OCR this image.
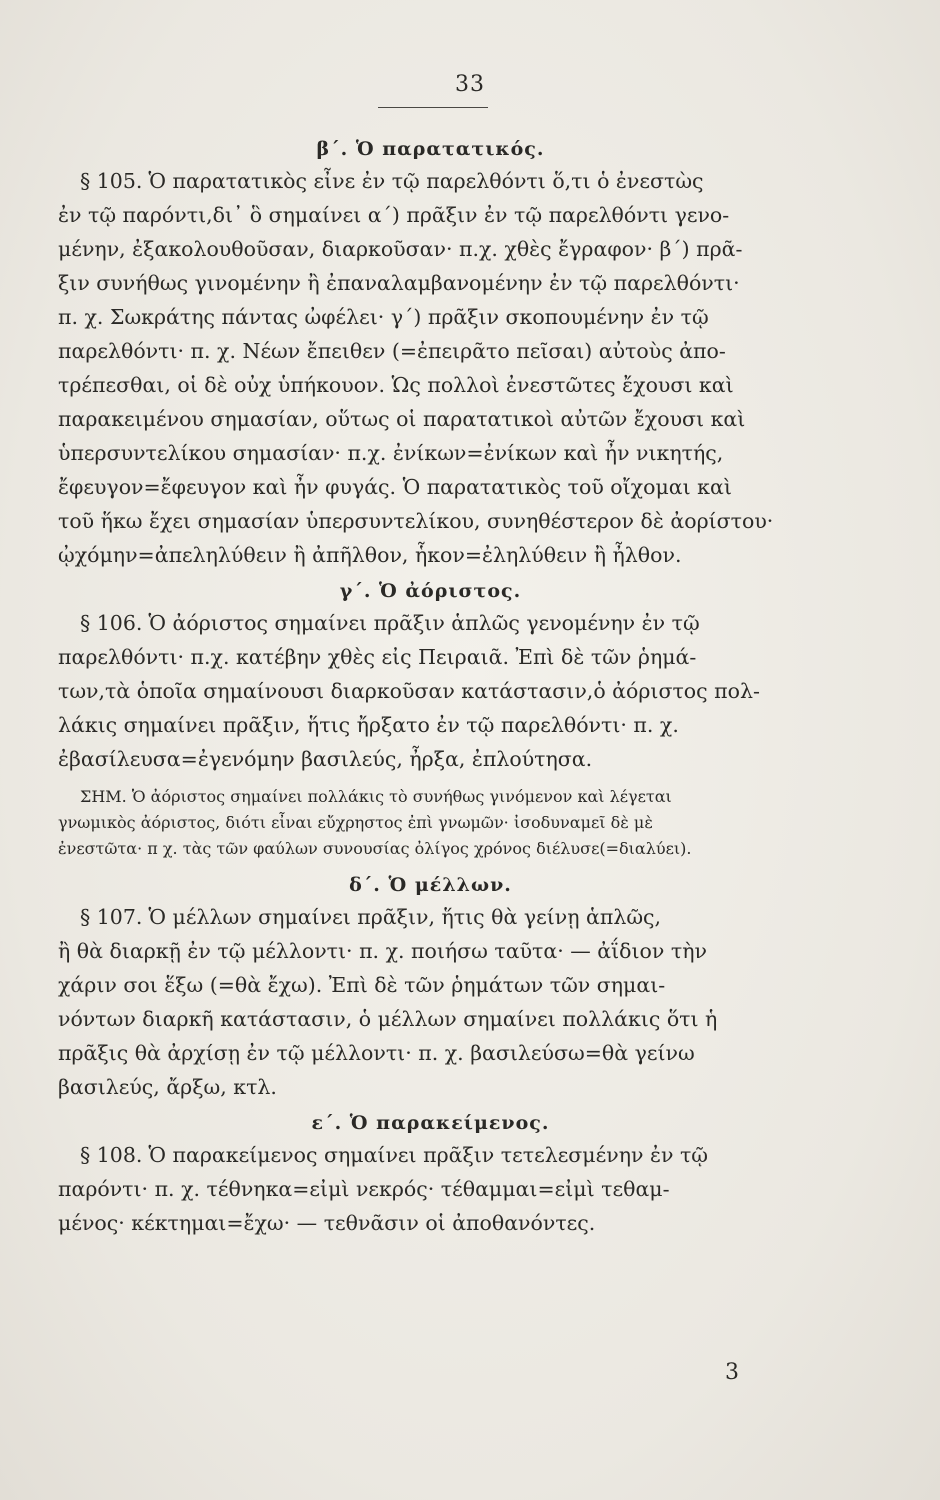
33
β΄. Ὁ παρατατικός.
§ 105. Ὁ παρατατικὸς εἶνε ἐν τῷ παρελθόντι ὅ,τι ὁ ἐνεστὼς
ἐν τῷ παρόντι,δι᾽ ὃ σημαίνει α΄) πρᾶξιν ἐν τῷ παρελθόντι γενο-
μένην, ἐξακολουθοῦσαν, διαρκοῦσαν· π.χ. χθὲς ἔγραφον· β΄) πρᾶ-
ξιν συνήθως γινομένην ἢ ἐπαναλαμβανομένην ἐν τῷ παρελθόντι·
π. χ. Σωκράτης πάντας ὠφέλει· γ΄) πρᾶξιν σκοπουμένην ἐν τῷ
παρελθόντι· π. χ. Νέων ἔπειθεν (=ἐπειρᾶτο πεῖσαι) αὐτοὺς ἀπο-
τρέπεσθαι, οἱ δὲ οὐχ ὑπήκουον. Ὡς πολλοὶ ἐνεστῶτες ἔχουσι καὶ
παρακειμένου σημασίαν, οὕτως οἱ παρατατικοὶ αὐτῶν ἔχουσι καὶ
ὑπερσυντελίκου σημασίαν· π.χ. ἐνίκων=ἐνίκων καὶ ἦν νικητής,
ἔφευγον=ἔφευγον καὶ ἦν φυγάς. Ὁ παρατατικὸς τοῦ οἴχομαι καὶ
τοῦ ἥκω ἔχει σημασίαν ὑπερσυντελίκου, συνηθέστερον δὲ ἀορίστου·
ᾠχόμην=ἀπεληλύθειν ἢ ἀπῆλθον, ἧκον=ἐληλύθειν ἢ ἦλθον.
γ΄. Ὁ ἀόριστος.
§ 106. Ὁ ἀόριστος σημαίνει πρᾶξιν ἁπλῶς γενομένην ἐν τῷ
παρελθόντι· π.χ. κατέβην χθὲς εἰς Πειραιᾶ. Ἐπὶ δὲ τῶν ῥημά-
των,τὰ ὁποῖα σημαίνουσι διαρκοῦσαν κατάστασιν,ὁ ἀόριστος πολ-
λάκις σημαίνει πρᾶξιν, ἥτις ἤρξατο ἐν τῷ παρελθόντι· π. χ.
ἐβασίλευσα=ἐγενόμην βασιλεύς, ἦρξα, ἐπλούτησα.
ΣΗΜ. Ὁ ἀόριστος σημαίνει πολλάκις τὸ συνήθως γινόμενον καὶ λέγεται
γνωμικὸς ἀόριστος, διότι εἶναι εὔχρηστος ἐπὶ γνωμῶν· ἰσοδυναμεῖ δὲ μὲ
ἐνεστῶτα· π χ. τὰς τῶν φαύλων συνουσίας ὀλίγος χρόνος διέλυσε(=διαλύει).
δ΄. Ὁ μέλλων.
§ 107. Ὁ μέλλων σημαίνει πρᾶξιν, ἥτις θὰ γείνῃ ἁπλῶς,
ἢ θὰ διαρκῇ ἐν τῷ μέλλοντι· π. χ. ποιήσω ταῦτα· — ἀΐδιον τὴν
χάριν σοι ἕξω (=θὰ ἔχω). Ἐπὶ δὲ τῶν ῥημάτων τῶν σημαι-
νόντων διαρκῆ κατάστασιν, ὁ μέλλων σημαίνει πολλάκις ὅτι ἡ
πρᾶξις θὰ ἀρχίσῃ ἐν τῷ μέλλοντι· π. χ. βασιλεύσω=θὰ γείνω
βασιλεύς, ἄρξω, κτλ.
ε΄. Ὁ παρακείμενος.
§ 108. Ὁ παρακείμενος σημαίνει πρᾶξιν τετελεσμένην ἐν τῷ
παρόντι· π. χ. τέθνηκα=εἰμὶ νεκρός· τέθαμμαι=εἰμὶ τεθαμ-
μένος· κέκτημαι=ἔχω· — τεθνᾶσιν οἱ ἀποθανόντες.
3
